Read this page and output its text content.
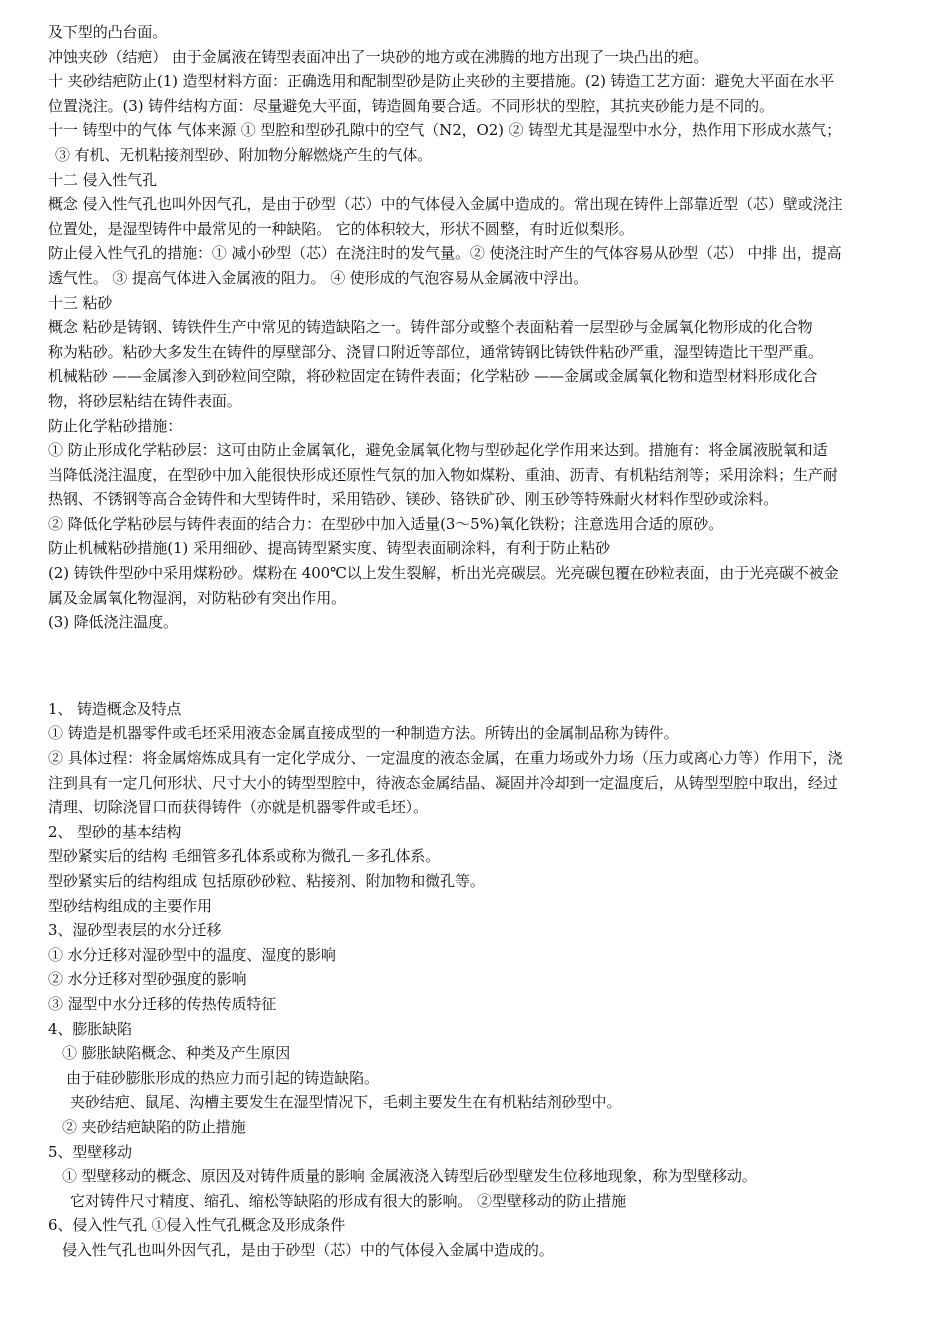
及下型的凸台面。
冲蚀夹砂（结疤） 由于金属液在铸型表面冲出了一块砂的地方或在沸腾的地方出现了一块凸出的疤。
十 夹砂结疤防止(1) 造型材料方面：正确选用和配制型砂是防止夹砂的主要措施。(2) 铸造工艺方面：避免大平面在水平
位置浇注。(3) 铸件结构方面：尽量避免大平面，铸造圆角要合适。不同形状的型腔，其抗夹砂能力是不同的。
十一 铸型中的气体 气体来源 ① 型腔和型砂孔隙中的空气（N2，O2) ② 铸型尤其是湿型中水分，热作用下形成水蒸气；
③ 有机、无机粘接剂型砂、附加物分解燃烧产生的气体。
十二 侵入性气孔
概念 侵入性气孔也叫外因气孔，是由于砂型（芯）中的气体侵入金属中造成的。常出现在铸件上部靠近型（芯）壁或浇注
位置处，是湿型铸件中最常见的一种缺陷。 它的体积较大，形状不圆整，有时近似梨形。
防止侵入性气孔的措施：① 减小砂型（芯）在浇注时的发气量。② 使浇注时产生的气体容易从砂型（芯） 中排 出，提高
透气性。 ③ 提高气体进入金属液的阻力。 ④ 使形成的气泡容易从金属液中浮出。
十三 粘砂
概念 粘砂是铸钢、铸铁件生产中常见的铸造缺陷之一。铸件部分或整个表面粘着一层型砂与金属氧化物形成的化合物
称为粘砂。粘砂大多发生在铸件的厚壁部分、浇冒口附近等部位，通常铸钢比铸铁件粘砂严重，湿型铸造比干型严重。
机械粘砂 ——金属渗入到砂粒间空隙，将砂粒固定在铸件表面；化学粘砂 ——金属或金属氧化物和造型材料形成化合
物，将砂层粘结在铸件表面。
防止化学粘砂措施：
① 防止形成化学粘砂层：这可由防止金属氧化，避免金属氧化物与型砂起化学作用来达到。措施有：将金属液脱氧和适
当降低浇注温度，在型砂中加入能很快形成还原性气氛的加入物如煤粉、重油、沥青、有机粘结剂等；采用涂料；生产耐
热钢、不锈钢等高合金铸件和大型铸件时，采用锆砂、镁砂、铬铁矿砂、刚玉砂等特殊耐火材料作型砂或涂料。
② 降低化学粘砂层与铸件表面的结合力：在型砂中加入适量(3～5%)氧化铁粉；注意选用合适的原砂。
防止机械粘砂措施(1) 采用细砂、提高铸型紧实度、铸型表面刷涂料，有利于防止粘砂
(2) 铸铁件型砂中采用煤粉砂。煤粉在 400℃以上发生裂解，析出光亮碳层。光亮碳包覆在砂粒表面，由于光亮碳不被金
属及金属氧化物湿润，对防粘砂有突出作用。
(3) 降低浇注温度。
1、 铸造概念及特点
① 铸造是机器零件或毛坯采用液态金属直接成型的一种制造方法。所铸出的金属制品称为铸件。
② 具体过程：将金属熔炼成具有一定化学成分、一定温度的液态金属，在重力场或外力场（压力或离心力等）作用下，浇
注到具有一定几何形状、尺寸大小的铸型型腔中，待液态金属结晶、凝固并冷却到一定温度后，从铸型型腔中取出，经过
清理、切除浇冒口而获得铸件（亦就是机器零件或毛坯）。
2、 型砂的基本结构
型砂紧实后的结构 毛细管多孔体系或称为微孔－多孔体系。
型砂紧实后的结构组成 包括原砂砂粒、粘接剂、附加物和微孔等。
型砂结构组成的主要作用
3、湿砂型表层的水分迁移
① 水分迁移对湿砂型中的温度、湿度的影响
② 水分迁移对型砂强度的影响
③ 湿型中水分迁移的传热传质特征
4、膨胀缺陷
① 膨胀缺陷概念、种类及产生原因
由于硅砂膨胀形成的热应力而引起的铸造缺陷。
夹砂结疤、鼠尾、沟槽主要发生在湿型情况下，毛刺主要发生在有机粘结剂砂型中。
② 夹砂结疤缺陷的防止措施
5、型壁移动
① 型壁移动的概念、原因及对铸件质量的影响 金属液浇入铸型后砂型壁发生位移地现象，称为型壁移动。
它对铸件尺寸精度、缩孔、缩松等缺陷的形成有很大的影响。 ②型壁移动的防止措施
6、侵入性气孔 ①侵入性气孔概念及形成条件
侵入性气孔也叫外因气孔，是由于砂型（芯）中的气体侵入金属中造成的。
